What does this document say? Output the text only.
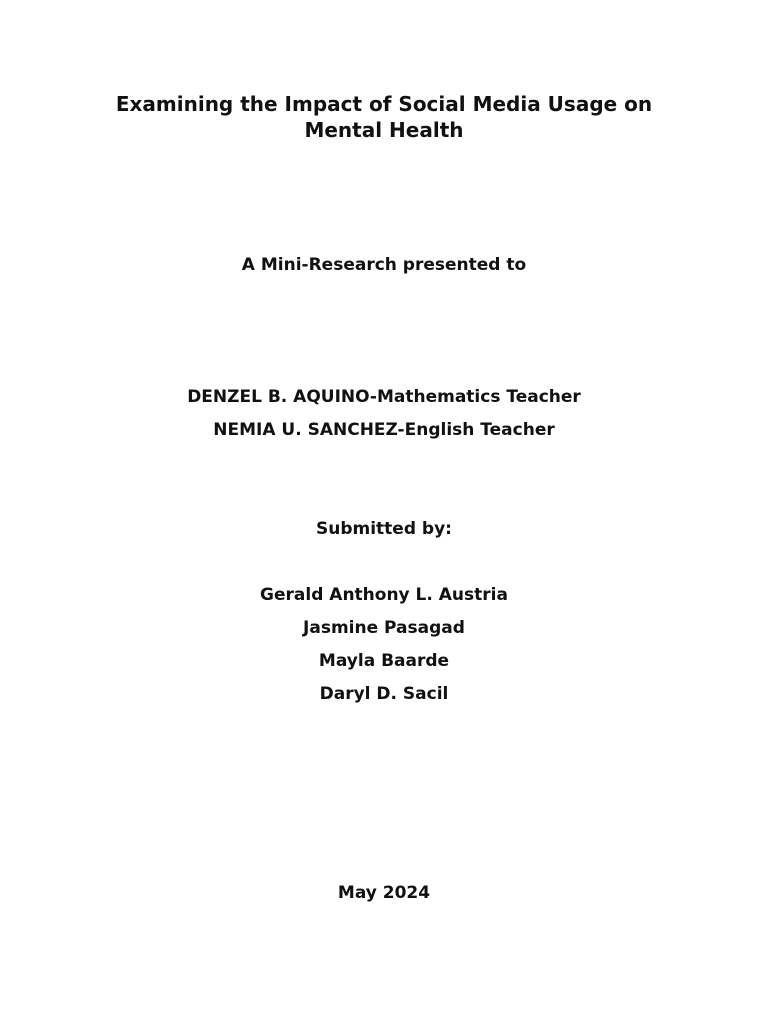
Examining the Impact of Social Media Usage on
Mental Health
A Mini-Research presented to
DENZEL B. AQUINO-Mathematics Teacher
NEMIA U. SANCHEZ-English Teacher
Submitted by:
Gerald Anthony L. Austria
Jasmine Pasagad
Mayla Baarde
Daryl D. Sacil
May 2024
